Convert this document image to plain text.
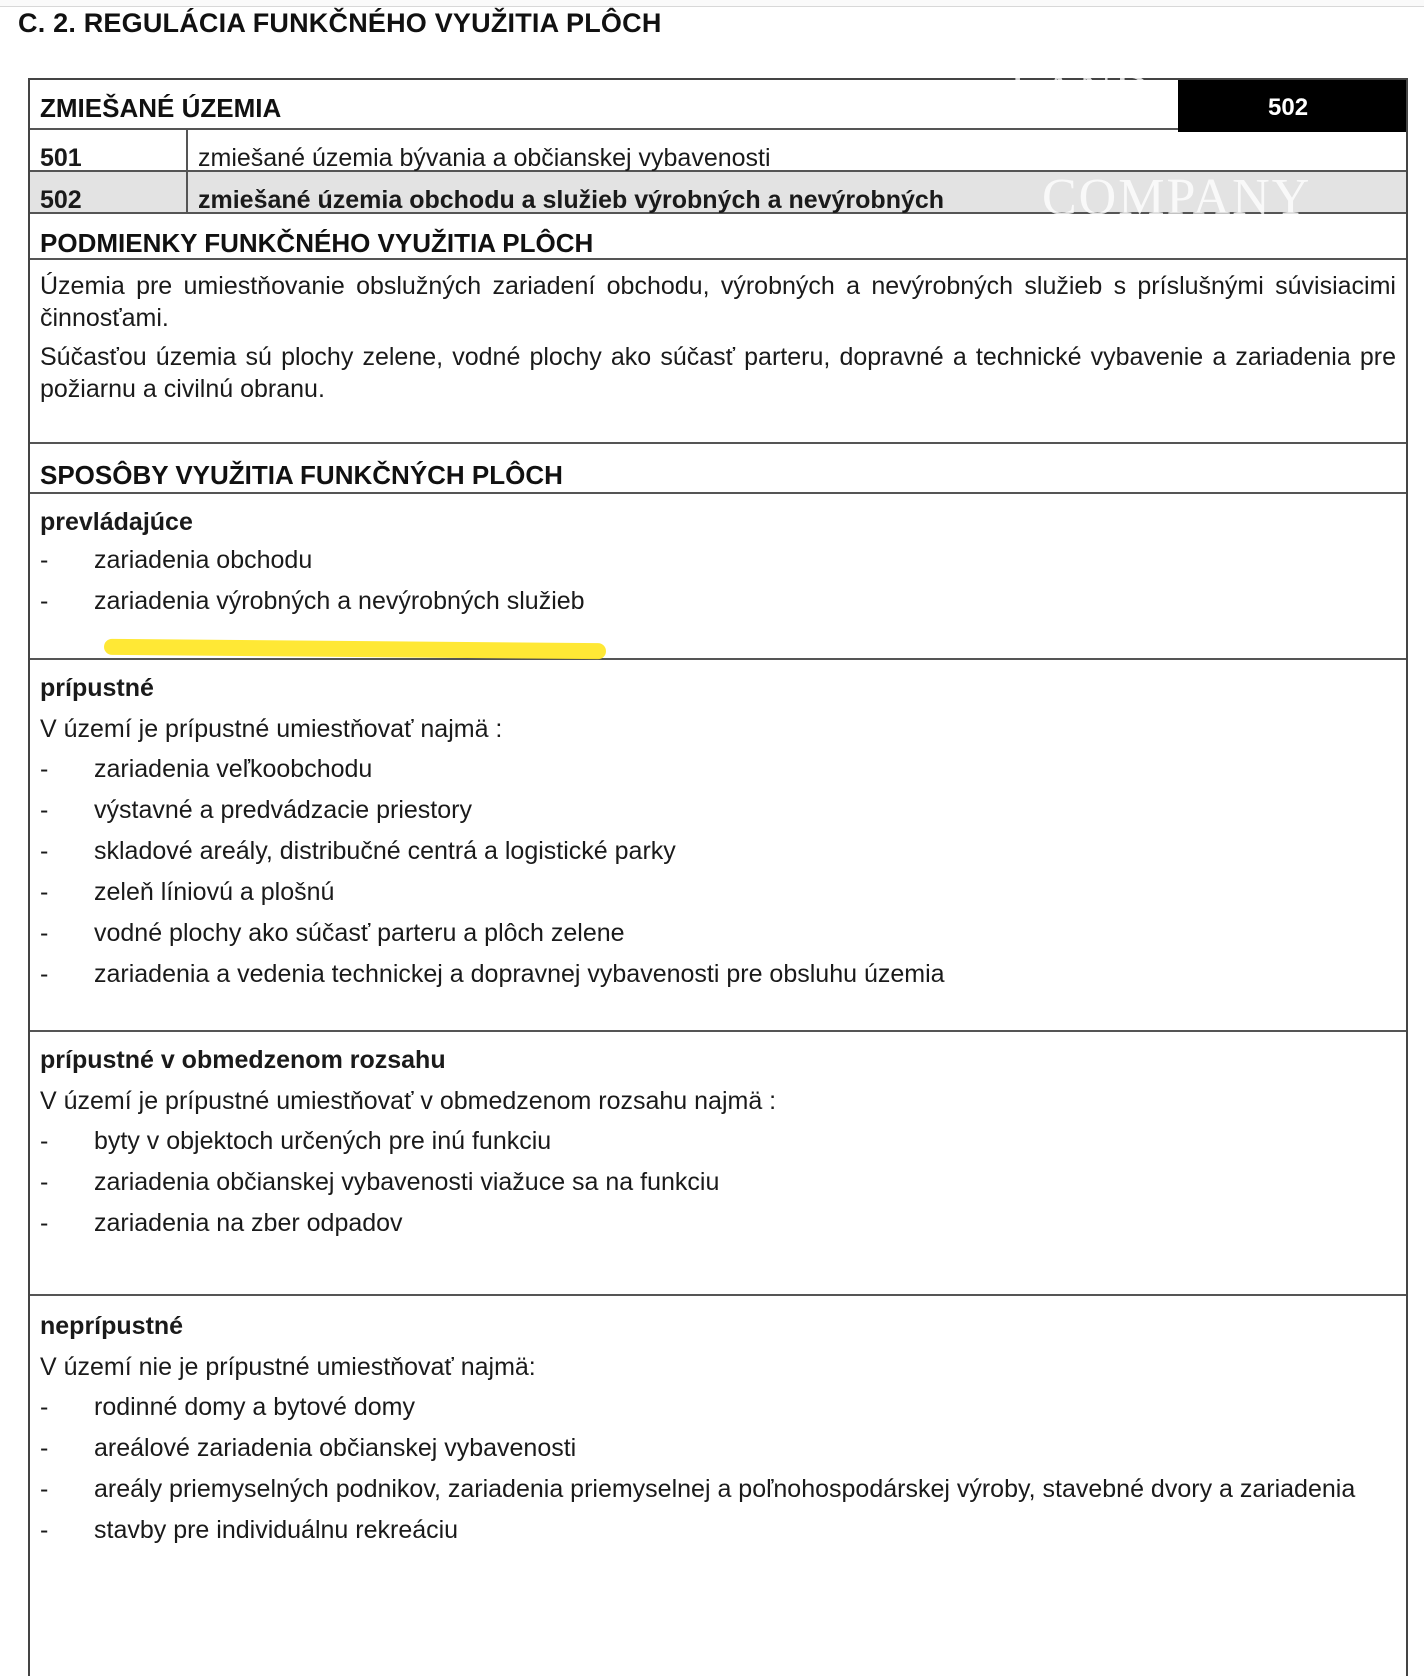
C. 2. REGULÁCIA FUNKČNÉHO VYUŽITIA PLÔCH
ZMIEŠANÉ ÚZEMIA	502
501	zmiešané územia bývania a občianskej vybavenosti
502	zmiešané územia obchodu a služieb výrobných a nevýrobných
PODMIENKY FUNKČNÉHO VYUŽITIA PLÔCH
Územia pre umiestňovanie obslužných zariadení obchodu, výrobných a nevýrobných služieb s príslušnými súvisiacimi činnosťami.
Súčasťou územia sú plochy zelene, vodné plochy ako súčasť parteru, dopravné a technické vybavenie a zariadenia pre požiarnu a civilnú obranu.
SPOSÔBY VYUŽITIA FUNKČNÝCH PLÔCH
prevládajúce
- zariadenia obchodu
- zariadenia výrobných a nevýrobných služieb
prípustné
V území je prípustné umiestňovať najmä :
- zariadenia veľkoobchodu
- výstavné a predvádzacie priestory
- skladové areály, distribučné centrá a logistické parky
- zeleň líniovú a plošnú
- vodné plochy ako súčasť parteru a plôch zelene
- zariadenia a vedenia technickej a dopravnej vybavenosti pre obsluhu územia
prípustné v obmedzenom rozsahu
V území je prípustné umiestňovať v obmedzenom rozsahu najmä :
- byty v objektoch určených pre inú funkciu
- zariadenia občianskej vybavenosti viažuce sa na funkciu
- zariadenia na zber odpadov
neprípustné
V území nie je prípustné umiestňovať najmä:
- rodinné domy a bytové domy
- areálové zariadenia občianskej vybavenosti
- areály priemyselných podnikov, zariadenia priemyselnej a poľnohospodárskej výroby, stavebné dvory a zariadenia
- stavby pre individuálnu rekreáciu
LAND
COMPANY
